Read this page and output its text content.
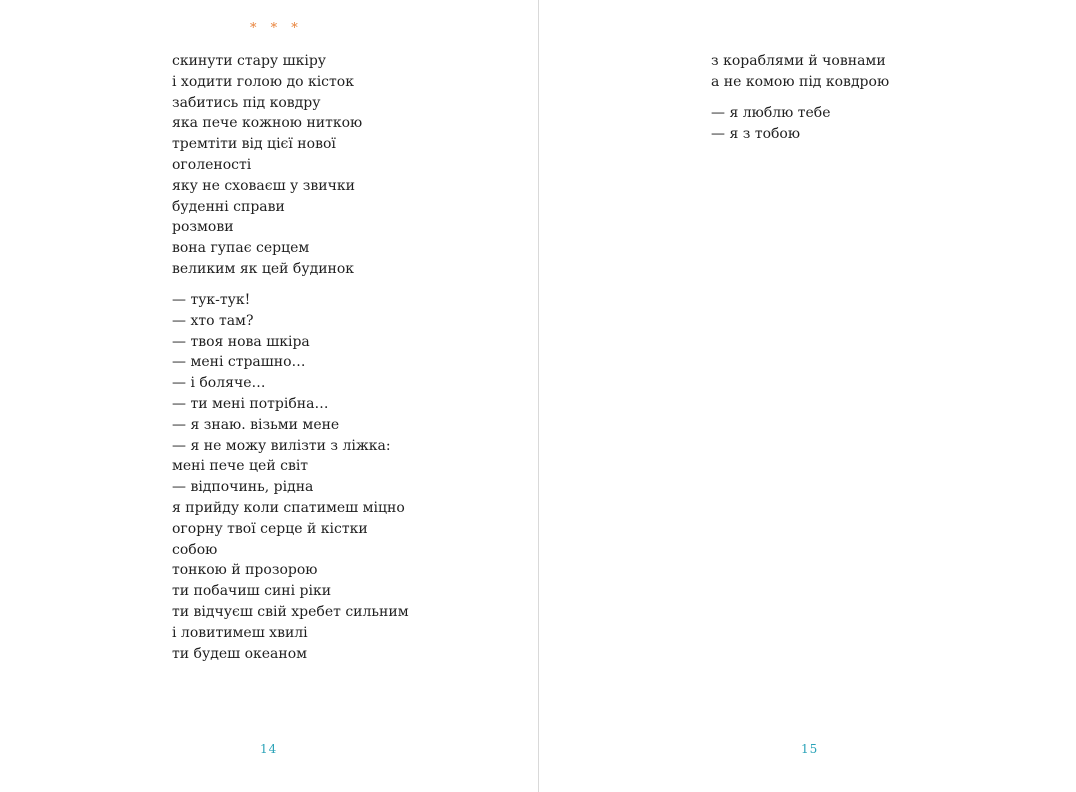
* * *
скинути стару шкіру
і ходити голою до кісток
забитись під ковдру
яка пече кожною ниткою
тремтіти від цієї нової
оголеності
яку не сховаєш у звички
буденні справи
розмови
вона гупає серцем
великим як цей будинок
— тук-тук!
— хто там?
— твоя нова шкіра
— мені страшно…
— і боляче…
— ти мені потрібна…
— я знаю. візьми мене
— я не можу вилізти з ліжка:
мені пече цей світ
— відпочинь, рідна
я прийду коли спатимеш міцно
огорну твої серце й кістки
собою
тонкою й прозорою
ти побачиш сині ріки
ти відчуєш свій хребет сильним
і ловитимеш хвилі
ти будеш океаном
14
з кораблями й човнами
а не комою під ковдрою
— я люблю тебе
— я з тобою
15
